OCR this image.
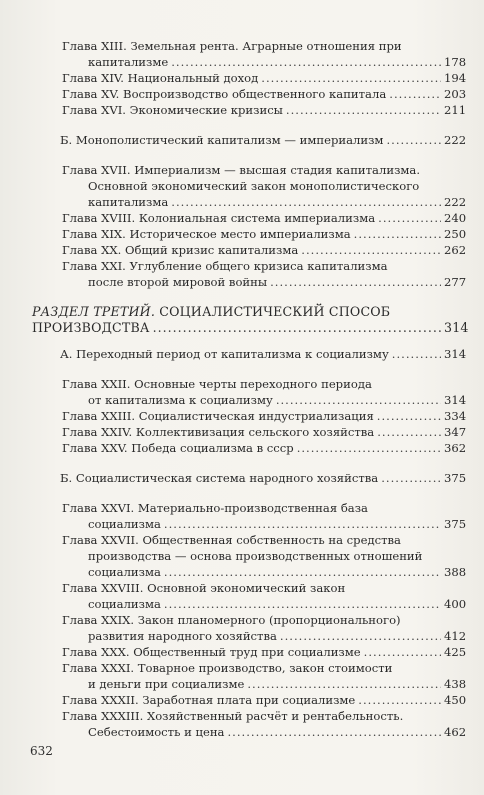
Глава XIII. Земельная рента. Аграрные отношения при
капитализме .....	178
Глава XIV. Национальный доход .....	194
Глава XV. Воспроизводство общественного капитала .....	203
Глава XVI. Экономические кризисы .....	211
Б. Монополистический капитализм — империализм .....	222
Глава XVII. Империализм — высшая стадия капитализма.
Основной экономический закон монополистического
капитализма .....	222
Глава XVIII. Колониальная система империализма .....	240
Глава XIX. Историческое место империализма .....	250
Глава XX. Общий кризис капитализма .....	262
Глава XXI. Углубление общего кризиса капитализма
после второй мировой войны .....	277
РАЗДЕЛ ТРЕТИЙ. СОЦИАЛИСТИЧЕСКИЙ СПОСОБ
ПРОИЗВОДСТВА .....	314
А. Переходный период от капитализма к социализму .....	314
Глава XXII. Основные черты переходного периода
от капитализма к социализму .....	314
Глава XXIII. Социалистическая индустриализация .....	334
Глава XXIV. Коллективизация сельского хозяйства .....	347
Глава XXV. Победа социализма в ссср .....	362
Б. Социалистическая система народного хозяйства .....	375
Глава XXVI. Материально-производственная база
социализма .....	375
Глава XXVII. Общественная собственность на средства
производства — основа производственных отношений
социализма .....	388
Глава XXVIII. Основной экономический закон
социализма .....	400
Глава XXIX. Закон планомерного (пропорционального)
развития народного хозяйства .....	412
Глава XXX. Общественный труд при социализме .....	425
Глава XXXI. Товарное производство, закон стоимости
и деньги при социализме .....	438
Глава XXXII. Заработная плата при социализме .....	450
Глава XXXIII. Хозяйственный расчёт и рентабельность.
Себестоимость и цена .....	462
632
